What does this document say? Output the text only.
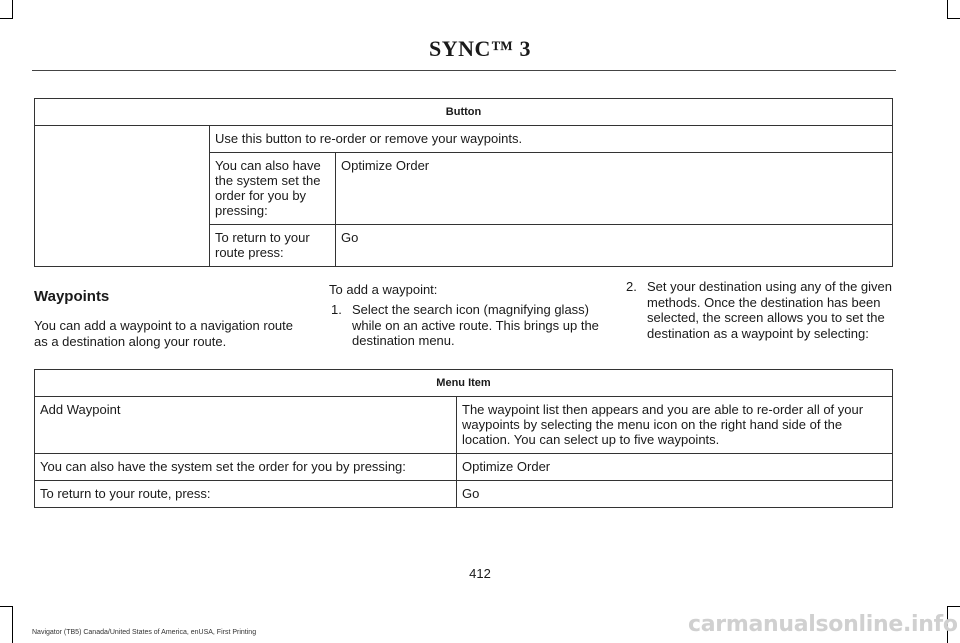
SYNC™ 3
Button		
	Use this button to re-order or remove your waypoints.	
	You can also have the system set the order for you by pressing:	Optimize Order
	To return to your route press:	Go
Waypoints
You can add a waypoint to a navigation route as a destination along your route.
To add a waypoint:
1. Select the search icon (magnifying glass) while on an active route. This brings up the destination menu.
2. Set your destination using any of the given methods. Once the destination has been selected, the screen allows you to set the destination as a waypoint by selecting:
Menu Item	
Add Waypoint	The waypoint list then appears and you are able to re-order all of your waypoints by selecting the menu icon on the right hand side of the location. You can select up to five waypoints.
You can also have the system set the order for you by pressing:	Optimize Order
To return to your route, press:	Go
412
Navigator (TB5) Canada/United States of America, enUSA, First Printing	carmanualsonline.info
